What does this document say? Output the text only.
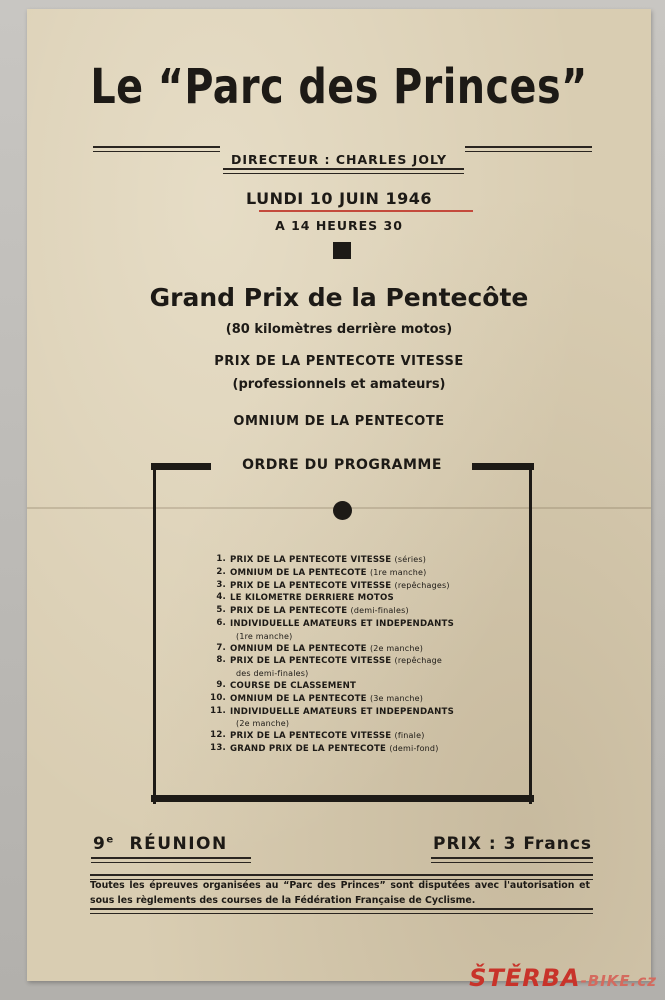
Le “Parc des Princes”
DIRECTEUR : CHARLES JOLY
LUNDI 10 JUIN 1946
A 14 HEURES 30
Grand Prix de la Pentecôte
(80 kilomètres derrière motos)
PRIX DE LA PENTECOTE VITESSE
(professionnels et amateurs)
OMNIUM DE LA PENTECOTE
ORDRE DU PROGRAMME
1. PRIX DE LA PENTECOTE VITESSE (séries)
2. OMNIUM DE LA PENTECOTE (1re manche)
3. PRIX DE LA PENTECOTE VITESSE (repêchages)
4. LE KILOMETRE DERRIERE MOTOS
5. PRIX DE LA PENTECOTE (demi-finales)
6. INDIVIDUELLE AMATEURS ET INDEPENDANTS
(1re manche)
7. OMNIUM DE LA PENTECOTE (2e manche)
8. PRIX DE LA PENTECOTE VITESSE (repêchage
des demi-finales)
9. COURSE DE CLASSEMENT
10. OMNIUM DE LA PENTECOTE (3e manche)
11. INDIVIDUELLE AMATEURS ET INDEPENDANTS
(2e manche)
12. PRIX DE LA PENTECOTE VITESSE (finale)
13. GRAND PRIX DE LA PENTECOTE (demi-fond)
9e RÉUNION	PRIX : 3 Francs
Toutes les épreuves organisées au “Parc des Princes” sont disputées avec l'autorisation et sous les règlements des courses de la Fédération Française de Cyclisme.
ŠTĚRBA-BIKE.cz
